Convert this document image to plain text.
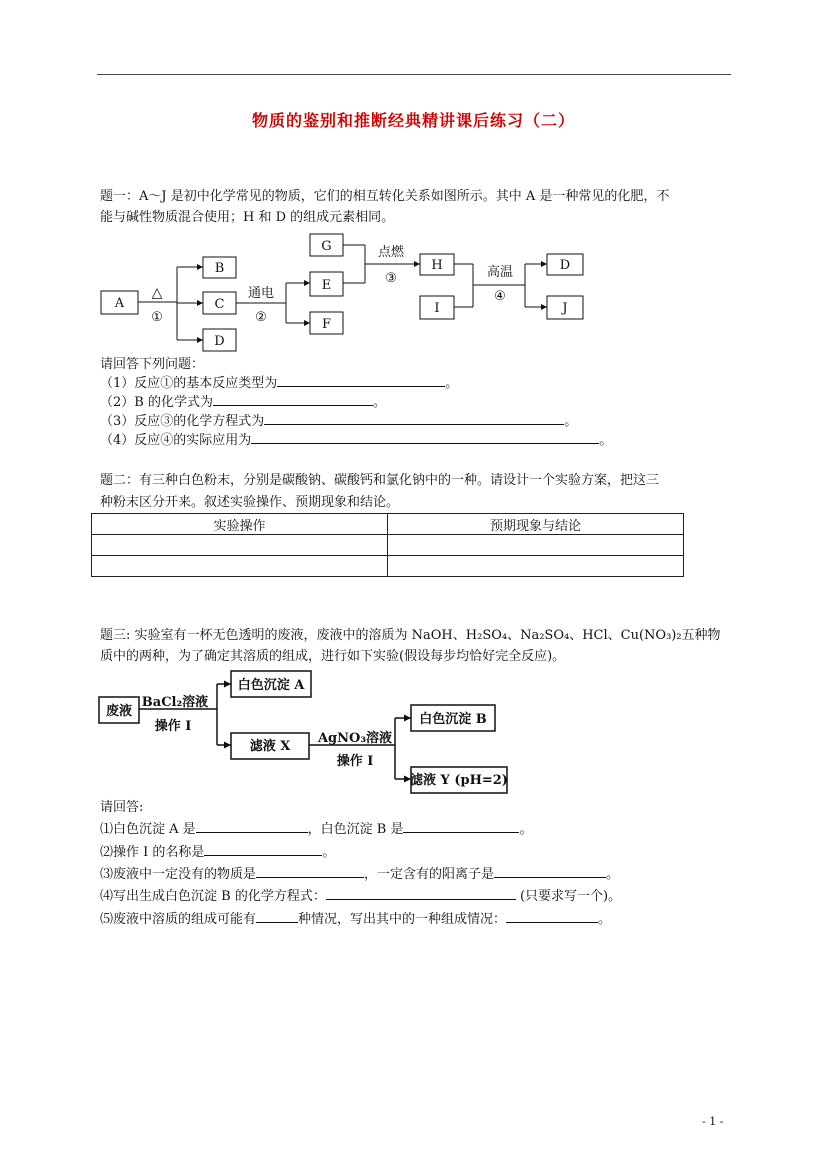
物质的鉴别和推断经典精讲课后练习（二）
题一：A～J 是初中化学常见的物质，它们的相互转化关系如图所示。其中 A 是一种常见的化肥，不
能与碱性物质混合使用；H 和 D 的组成元素相同。
A
B
C
D
E
F
G
H
I
D
J
△
①
通电
②
点燃
③	高温
④
请回答下列问题：
（1）反应①的基本反应类型为	。
（2）B 的化学式为	。
（3）反应③的化学方程式为	。
（4）反应④的实际应用为	。
题二：有三种白色粉末，分别是碳酸钠、碳酸钙和氯化钠中的一种。请设计一个实验方案，把这三
种粉末区分开来。叙述实验操作、预期现象和结论。
实验操作	预期现象与结论

题三: 实验室有一杯无色透明的废液，废液中的溶质为 NaOH、H₂SO₄、Na₂SO₄、HCl、Cu(NO₃)₂五种物
质中的两种，为了确定其溶质的组成，进行如下实验(假设每步均恰好完全反应)。
废液
白色沉淀 A
滤液 X
白色沉淀 B
滤液 Y (pH=2)
BaCl₂溶液
操作 I
AgNO₃溶液
操作 I
请回答:
⑴白色沉淀 A 是	，白色沉淀 B 是	。
⑵操作 I 的名称是	。
⑶废液中一定没有的物质是	，一定含有的阳离子是	。
⑷写出生成白色沉淀 B 的化学方程式：	(只要求写一个)。
⑸废液中溶质的组成可能有	种情况，写出其中的一种组成情况：	。
- 1 -
